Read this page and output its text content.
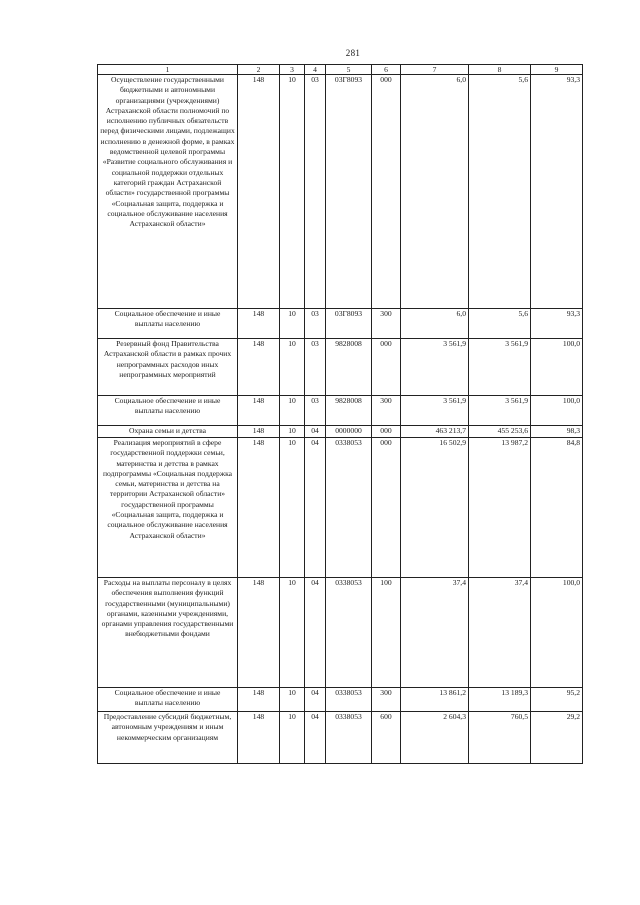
281
1	2	3	4	5	6	7	8	9
Осуществление государственными бюджетными и автономными организациями (учреждениями) Астраханской области полномочий по исполнению публичных обязательств перед физическими лицами, подлежащих исполнению в денежной форме, в рамках ведомственной целевой программы «Развитие социального обслуживания и социальной поддержки отдельных категорий граждан Астраханской области» государственной программы «Социальная защита, поддержка и социальное обслуживание населения Астраханской области»	148	10	03	03Г8093	000	6,0	5,6	93,3
Социальное обеспечение и иные выплаты населению	148	10	03	03Г8093	300	6,0	5,6	93,3
Резервный фонд Правительства Астраханской области в рамках прочих непрограммных расходов иных непрограммных мероприятий	148	10	03	9828008	000	3 561,9	3 561,9	100,0
Социальное обеспечение и иные выплаты населению	148	10	03	9828008	300	3 561,9	3 561,9	100,0
Охрана семьи и детства	148	10	04	0000000	000	463 213,7	455 253,6	98,3
Реализация мероприятий в сфере государственной поддержки семьи, материнства и детства в рамках подпрограммы «Социальная поддержка семьи, материнства и детства на территории Астраханской области» государственной программы «Социальная защита, поддержка и социальное обслуживание населения Астраханской области»	148	10	04	0338053	000	16 502,9	13 987,2	84,8
Расходы на выплаты персоналу в целях обеспечения выполнения функций государственными (муниципальными) органами, казенными учреждениями, органами управления государственными внебюджетными фондами	148	10	04	0338053	100	37,4	37,4	100,0
Социальное обеспечение и иные выплаты населению	148	10	04	0338053	300	13 861,2	13 189,3	95,2
Предоставление субсидий бюджетным, автономным учреждениям и иным некоммерческим организациям	148	10	04	0338053	600	2 604,3	760,5	29,2
